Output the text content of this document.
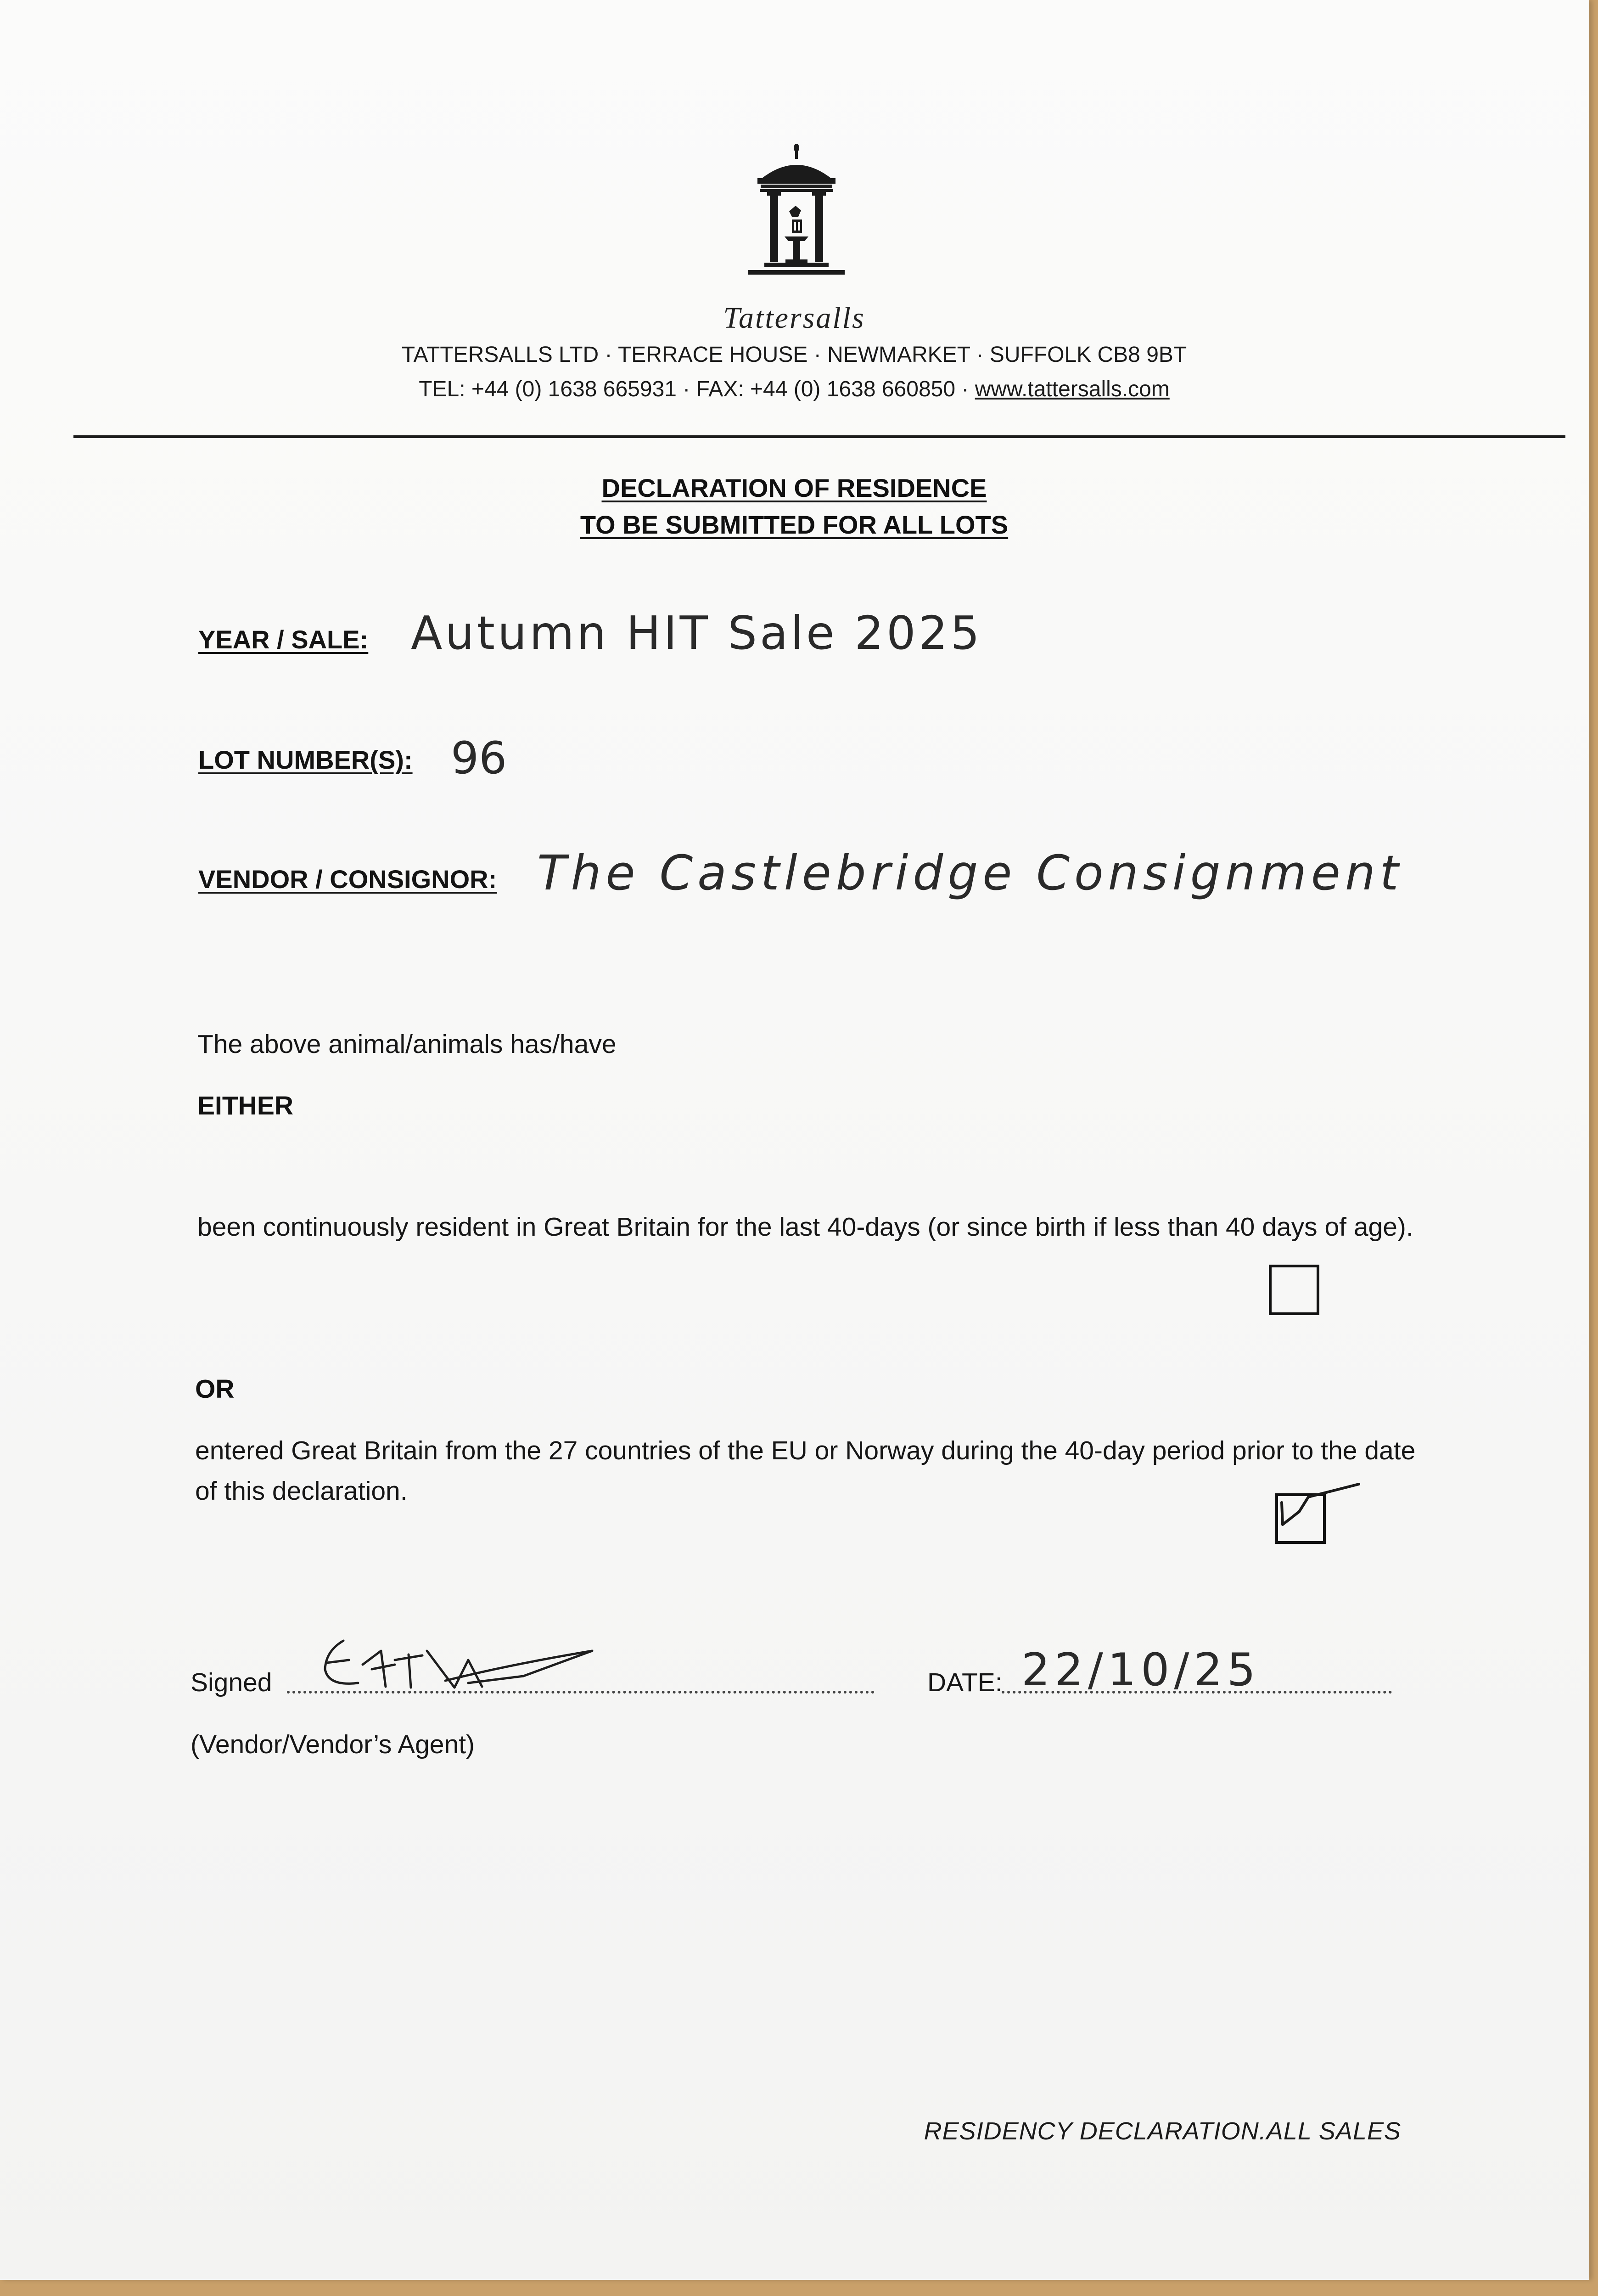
Tattersalls
TATTERSALLS LTD · TERRACE HOUSE · NEWMARKET · SUFFOLK CB8 9BT
TEL: +44 (0) 1638 665931 · FAX: +44 (0) 1638 660850 · www.tattersalls.com
DECLARATION OF RESIDENCE
TO BE SUBMITTED FOR ALL LOTS
YEAR / SALE: Autumn HIT Sale 2025
LOT NUMBER(S): 96
VENDOR / CONSIGNOR: The Castlebridge Consignment
The above animal/animals has/have
EITHER
been continuously resident in Great Britain for the last 40-days (or since birth if less than 40 days of age).
OR
entered Great Britain from the 27 countries of the EU or Norway during the 40-day period prior to the date of this declaration.
Signed
(Vendor/Vendor’s Agent)
DATE: 22/10/25
RESIDENCY DECLARATION.ALL SALES
